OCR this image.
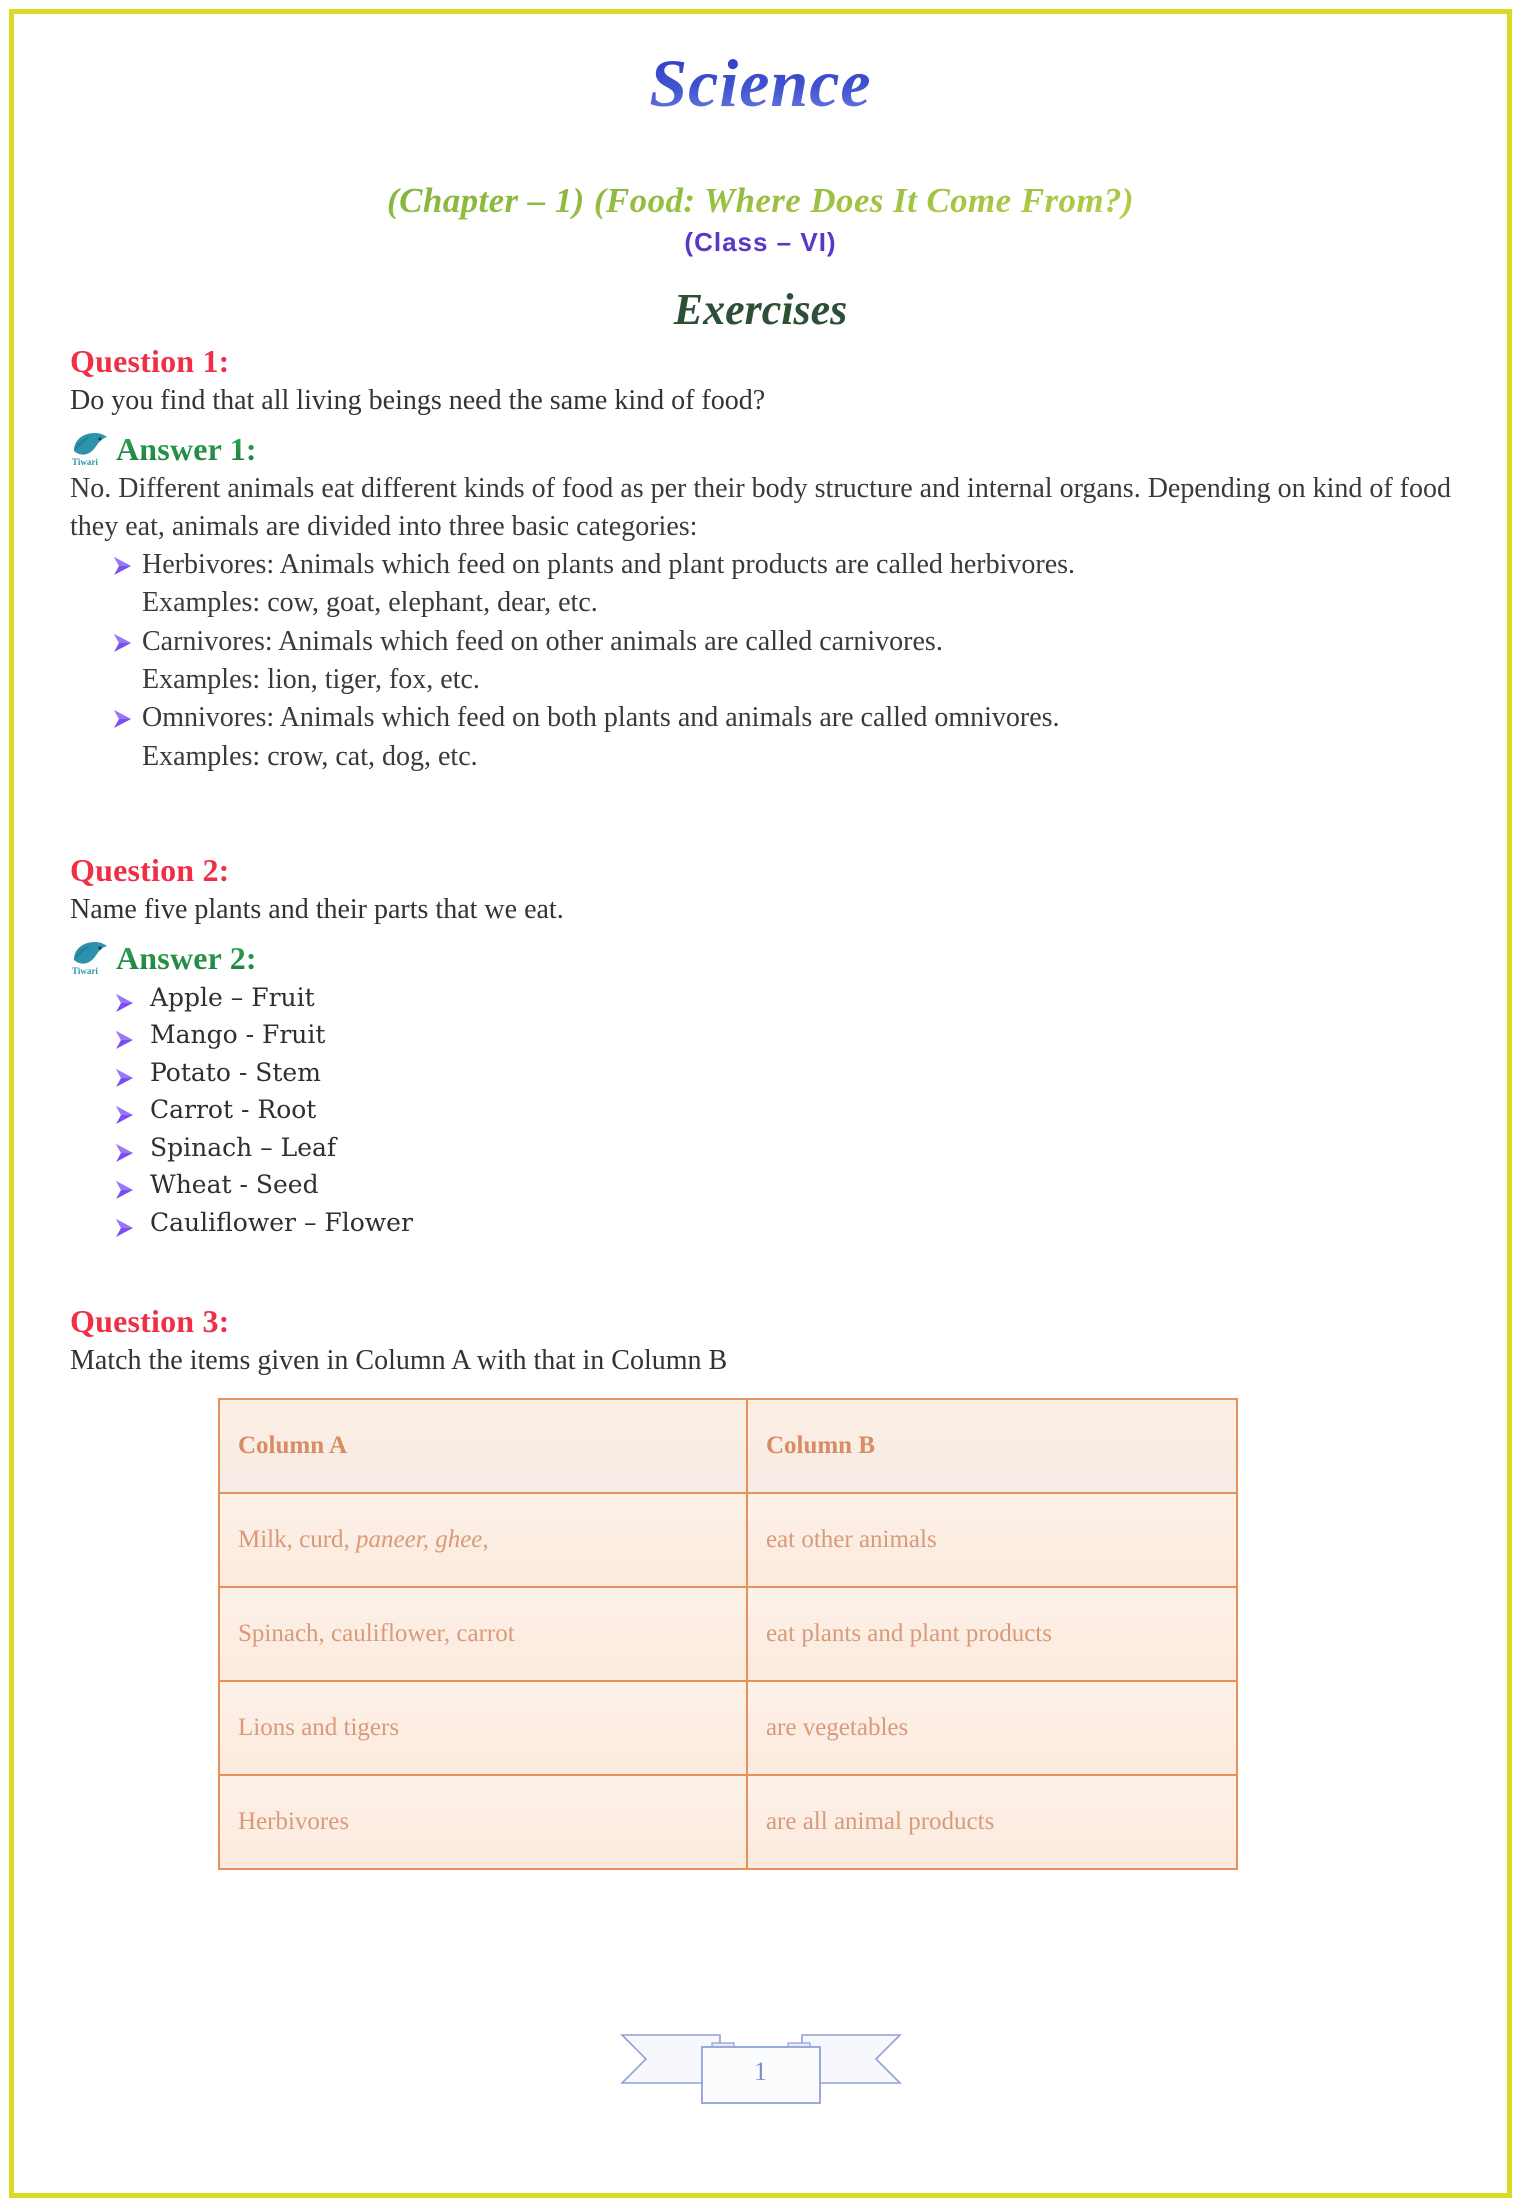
Science
(Chapter – 1) (Food: Where Does It Come From?)
(Class – VI)
Exercises
Question 1:
Do you find that all living beings need the same kind of food?
Tiwari Answer 1:

No. Different animals eat different kinds of food as per their body structure and internal organs. Depending on kind of food they eat, animals are divided into three basic categories:

Herbivores: Animals which feed on plants and plant products are called herbivores.
Examples: cow, goat, elephant, dear, etc.
Carnivores: Animals which feed on other animals are called carnivores.
Examples: lion, tiger, fox, etc.
Omnivores: Animals which feed on both plants and animals are called omnivores.
Examples: crow, cat, dog, etc.
Question 2:
Name five plants and their parts that we eat.
Tiwari Answer 2:
Apple – Fruit
Mango - Fruit
Potato - Stem
Carrot - Root
Spinach – Leaf
Wheat - Seed
Cauliflower – Flower
Question 3:
Match the items given in Column A with that in Column B
Column A	Column B
Milk, curd, paneer, ghee,	eat other animals
Spinach, cauliflower, carrot	eat plants and plant products
Lions and tigers	are vegetables
Herbivores	are all animal products
1
